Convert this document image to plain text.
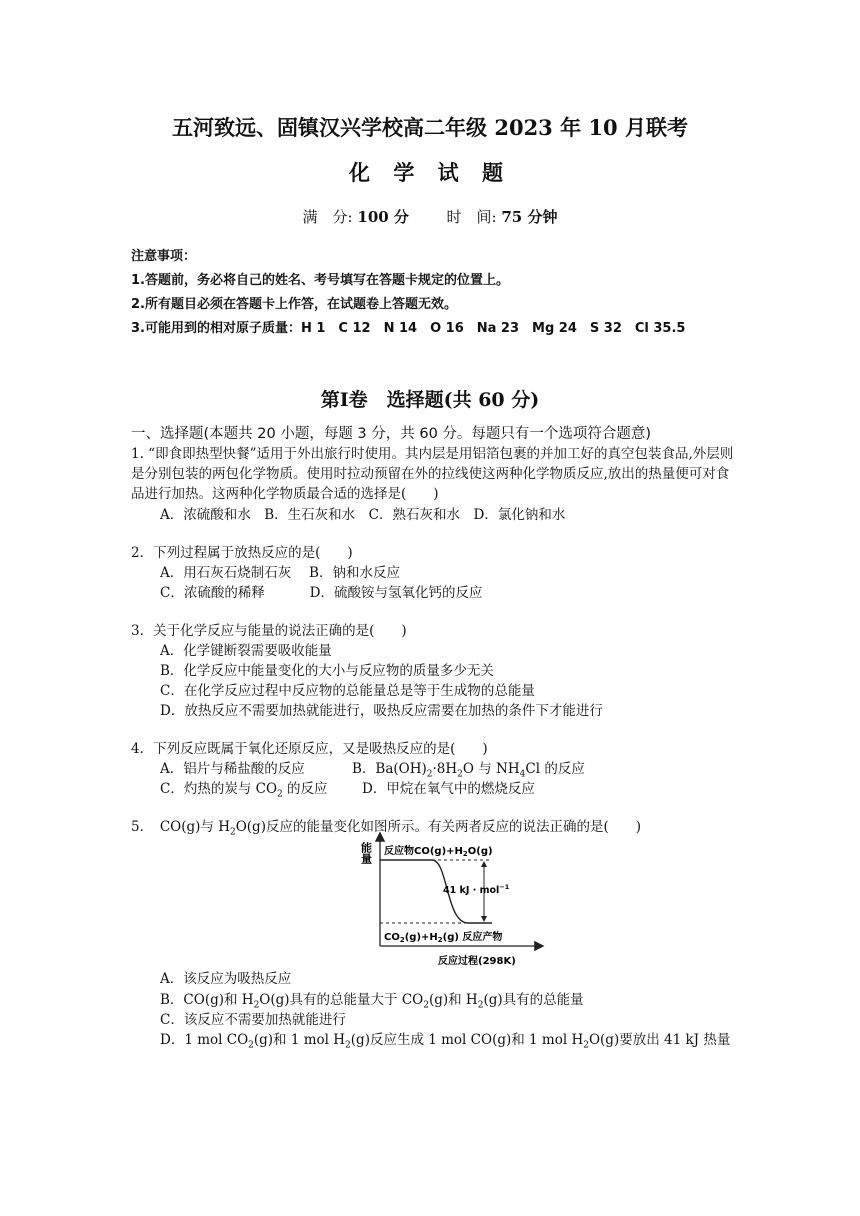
五河致远、固镇汉兴学校高二年级 2023 年 10 月联考
化 学 试 题
满　分: 100 分	时　间: 75 分钟
注意事项：
1.答题前，务必将自己的姓名、考号填写在答题卡规定的位置上。
2.所有题目必须在答题卡上作答，在试题卷上答题无效。
3.可能用到的相对原子质量：H 1　C 12　N 14　O 16　Na 23　Mg 24　S 32　Cl 35.5
第Ⅰ卷　选择题(共 60 分)
一、选择题(本题共 20 小题，每题 3 分，共 60 分。每题只有一个选项符合题意)
1. “即食即热型快餐”适用于外出旅行时使用。其内层是用铝箔包裹的并加工好的真空包装食品,外层则是分别包装的两包化学物质。使用时拉动预留在外的拉线使这两种化学物质反应,放出的热量便可对食品进行加热。这两种化学物质最合适的选择是(　　)
A．浓硫酸和水　B．生石灰和水　C．熟石灰和水　D．氯化钠和水
2．下列过程属于放热反应的是(　　)
A．用石灰石烧制石灰　 B．钠和水反应
C．浓硫酸的稀释　　　 D．硫酸铵与氢氧化钙的反应
3．关于化学反应与能量的说法正确的是(　　)
A．化学键断裂需要吸收能量
B．化学反应中能量变化的大小与反应物的质量多少无关
C．在化学反应过程中反应物的总能量总是等于生成物的总能量
D．放热反应不需要加热就能进行，吸热反应需要在加热的条件下才能进行
4．下列反应既属于氧化还原反应，又是吸热反应的是(　　)
A．铝片与稀盐酸的反应	B．$Ba(OH)_2\cdot 8H_2O$ 与 $NH_4Cl$ 的反应
C．灼热的炭与 $CO_2$ 的反应	D．甲烷在氧气中的燃烧反应
5．　CO(g)与 $H_2O(g)$反应的能量变化如图所示。有关两者反应的说法正确的是(　　)
能量 反应物$CO(g)+H_2O(g)$
41 kJ · mol$^{-1}$
$CO_2(g)+H_2(g)$ 反应产物
反应过程(298K)
A．该反应为吸热反应
B．CO(g)和 $H_2O(g)$具有的总能量大于 $CO_2(g)$和 $H_2(g)$具有的总能量
C．该反应不需要加热就能进行
D．1 mol $CO_2(g)$和 1 mol $H_2(g)$反应生成 1 mol CO(g)和 1 mol $H_2O(g)$要放出 41 kJ 热量
